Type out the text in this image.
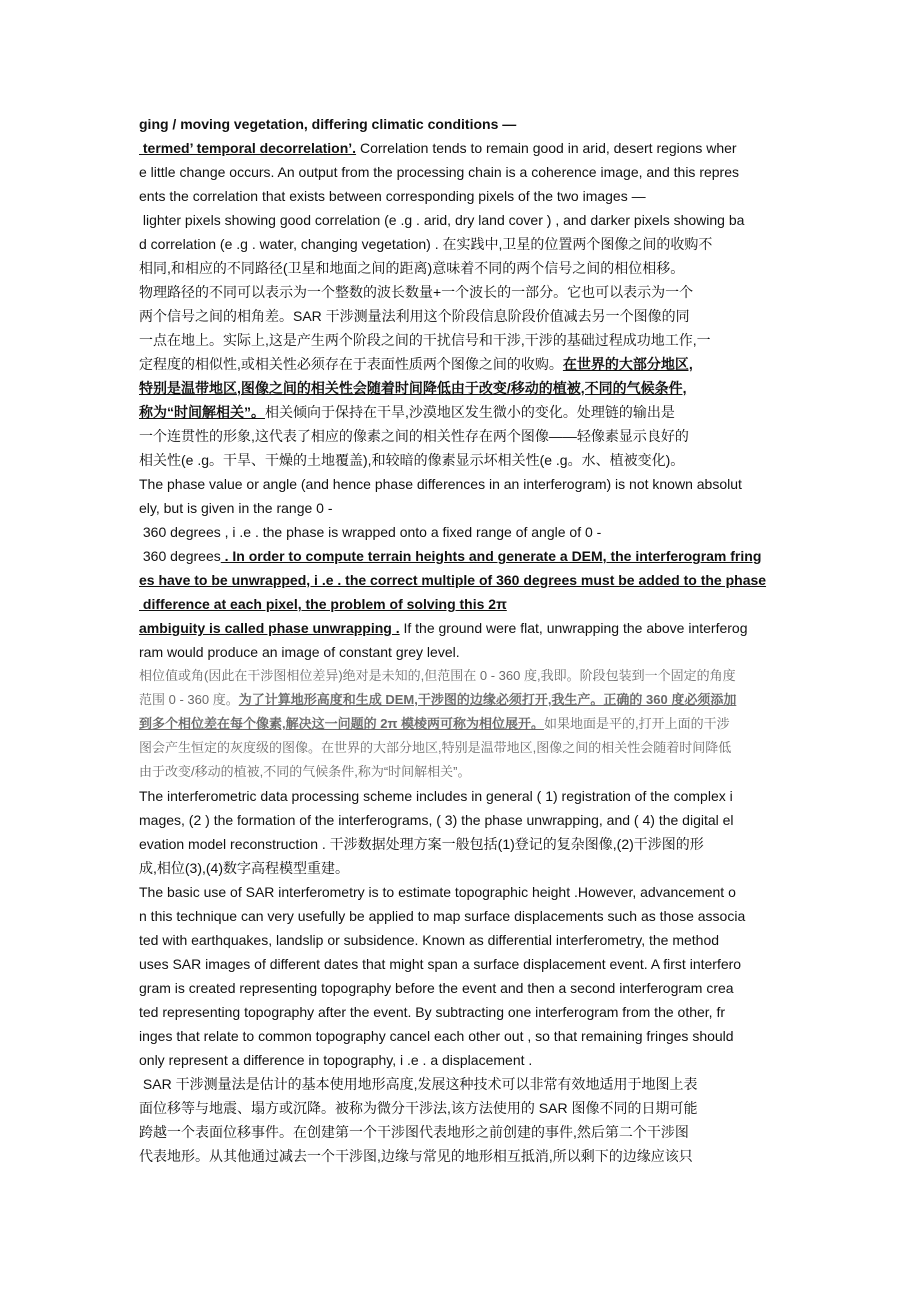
ging / moving vegetation, differing climatic conditions —
termed’ temporal decorrelation’. Correlation tends to remain good in arid, desert regions wher
e little change occurs. An output from the processing chain is a coherence image, and this repres
ents the correlation that exists between corresponding pixels of the two images —
lighter pixels showing good correlation (e .g . arid, dry land cover ) , and darker pixels showing ba
d correlation (e .g . water, changing vegetation) . 在实践中,卫星的位置两个图像之间的收购不
相同,和相应的不同路径(卫星和地面之间的距离)意味着不同的两个信号之间的相位相移。
物理路径的不同可以表示为一个整数的波长数量+一个波长的一部分。它也可以表示为一个
两个信号之间的相角差。SAR 干涉测量法利用这个阶段信息阶段价值减去另一个图像的同
一点在地上。实际上,这是产生两个阶段之间的干扰信号和干涉,干涉的基础过程成功地工作,一
定程度的相似性,或相关性必须存在于表面性质两个图像之间的收购。在世界的大部分地区,
特别是温带地区,图像之间的相关性会随着时间降低由于改变/移动的植被,不同的气候条件,
称为“时间解相关”。相关倾向于保持在干旱,沙漠地区发生微小的变化。处理链的输出是
一个连贯性的形象,这代表了相应的像素之间的相关性存在两个图像——轻像素显示良好的
相关性(e .g。干旱、干燥的土地覆盖),和较暗的像素显示坏相关性(e .g。水、植被变化)。
The phase value or angle (and hence phase differences in an interferogram) is not known absolut
ely, but is given in the range 0 -
360 degrees , i .e . the phase is wrapped onto a fixed range of angle of 0 -
360 degrees . In order to compute terrain heights and generate a DEM, the interferogram fring
es have to be unwrapped, i .e . the correct multiple of 360 degrees must be added to the phase
difference at each pixel, the problem of solving this 2π
ambiguity is called phase unwrapping . If the ground were flat, unwrapping the above interferog
ram would produce an image of constant grey level.
相位值或角(因此在干涉图相位差异)绝对是未知的,但范围在 0 - 360 度,我即。阶段包装到一个固定的角度
范围 0 - 360 度。为了计算地形高度和生成 DEM,干涉图的边缘必须打开,我生产。正确的 360 度必须添加
到多个相位差在每个像素,解决这一问题的 2π 模棱两可称为相位展开。如果地面是平的,打开上面的干涉
图会产生恒定的灰度级的图像。在世界的大部分地区,特别是温带地区,图像之间的相关性会随着时间降低
由于改变/移动的植被,不同的气候条件,称为“时间解相关”。
The interferometric data processing scheme includes in general ( 1) registration of the complex i
mages, (2 ) the formation of the interferograms, ( 3) the phase unwrapping, and ( 4) the digital el
evation model reconstruction . 干涉数据处理方案一般包括(1)登记的复杂图像,(2)干涉图的形
成,相位(3),(4)数字高程模型重建。
The basic use of SAR interferometry is to estimate topographic height .However, advancement o
n this technique can very usefully be applied to map surface displacements such as those associa
ted with earthquakes, landslip or subsidence. Known as differential interferometry, the method
uses SAR images of different dates that might span a surface displacement event. A first interfero
gram is created representing topography before the event and then a second interferogram crea
ted representing topography after the event. By subtracting one interferogram from the other, fr
inges that relate to common topography cancel each other out , so that remaining fringes should
only represent a difference in topography, i .e . a displacement .
SAR 干涉测量法是估计的基本使用地形高度,发展这种技术可以非常有效地适用于地图上表
面位移等与地震、塌方或沉降。被称为微分干涉法,该方法使用的 SAR 图像不同的日期可能
跨越一个表面位移事件。在创建第一个干涉图代表地形之前创建的事件,然后第二个干涉图
代表地形。从其他通过减去一个干涉图,边缘与常见的地形相互抵消,所以剩下的边缘应该只
